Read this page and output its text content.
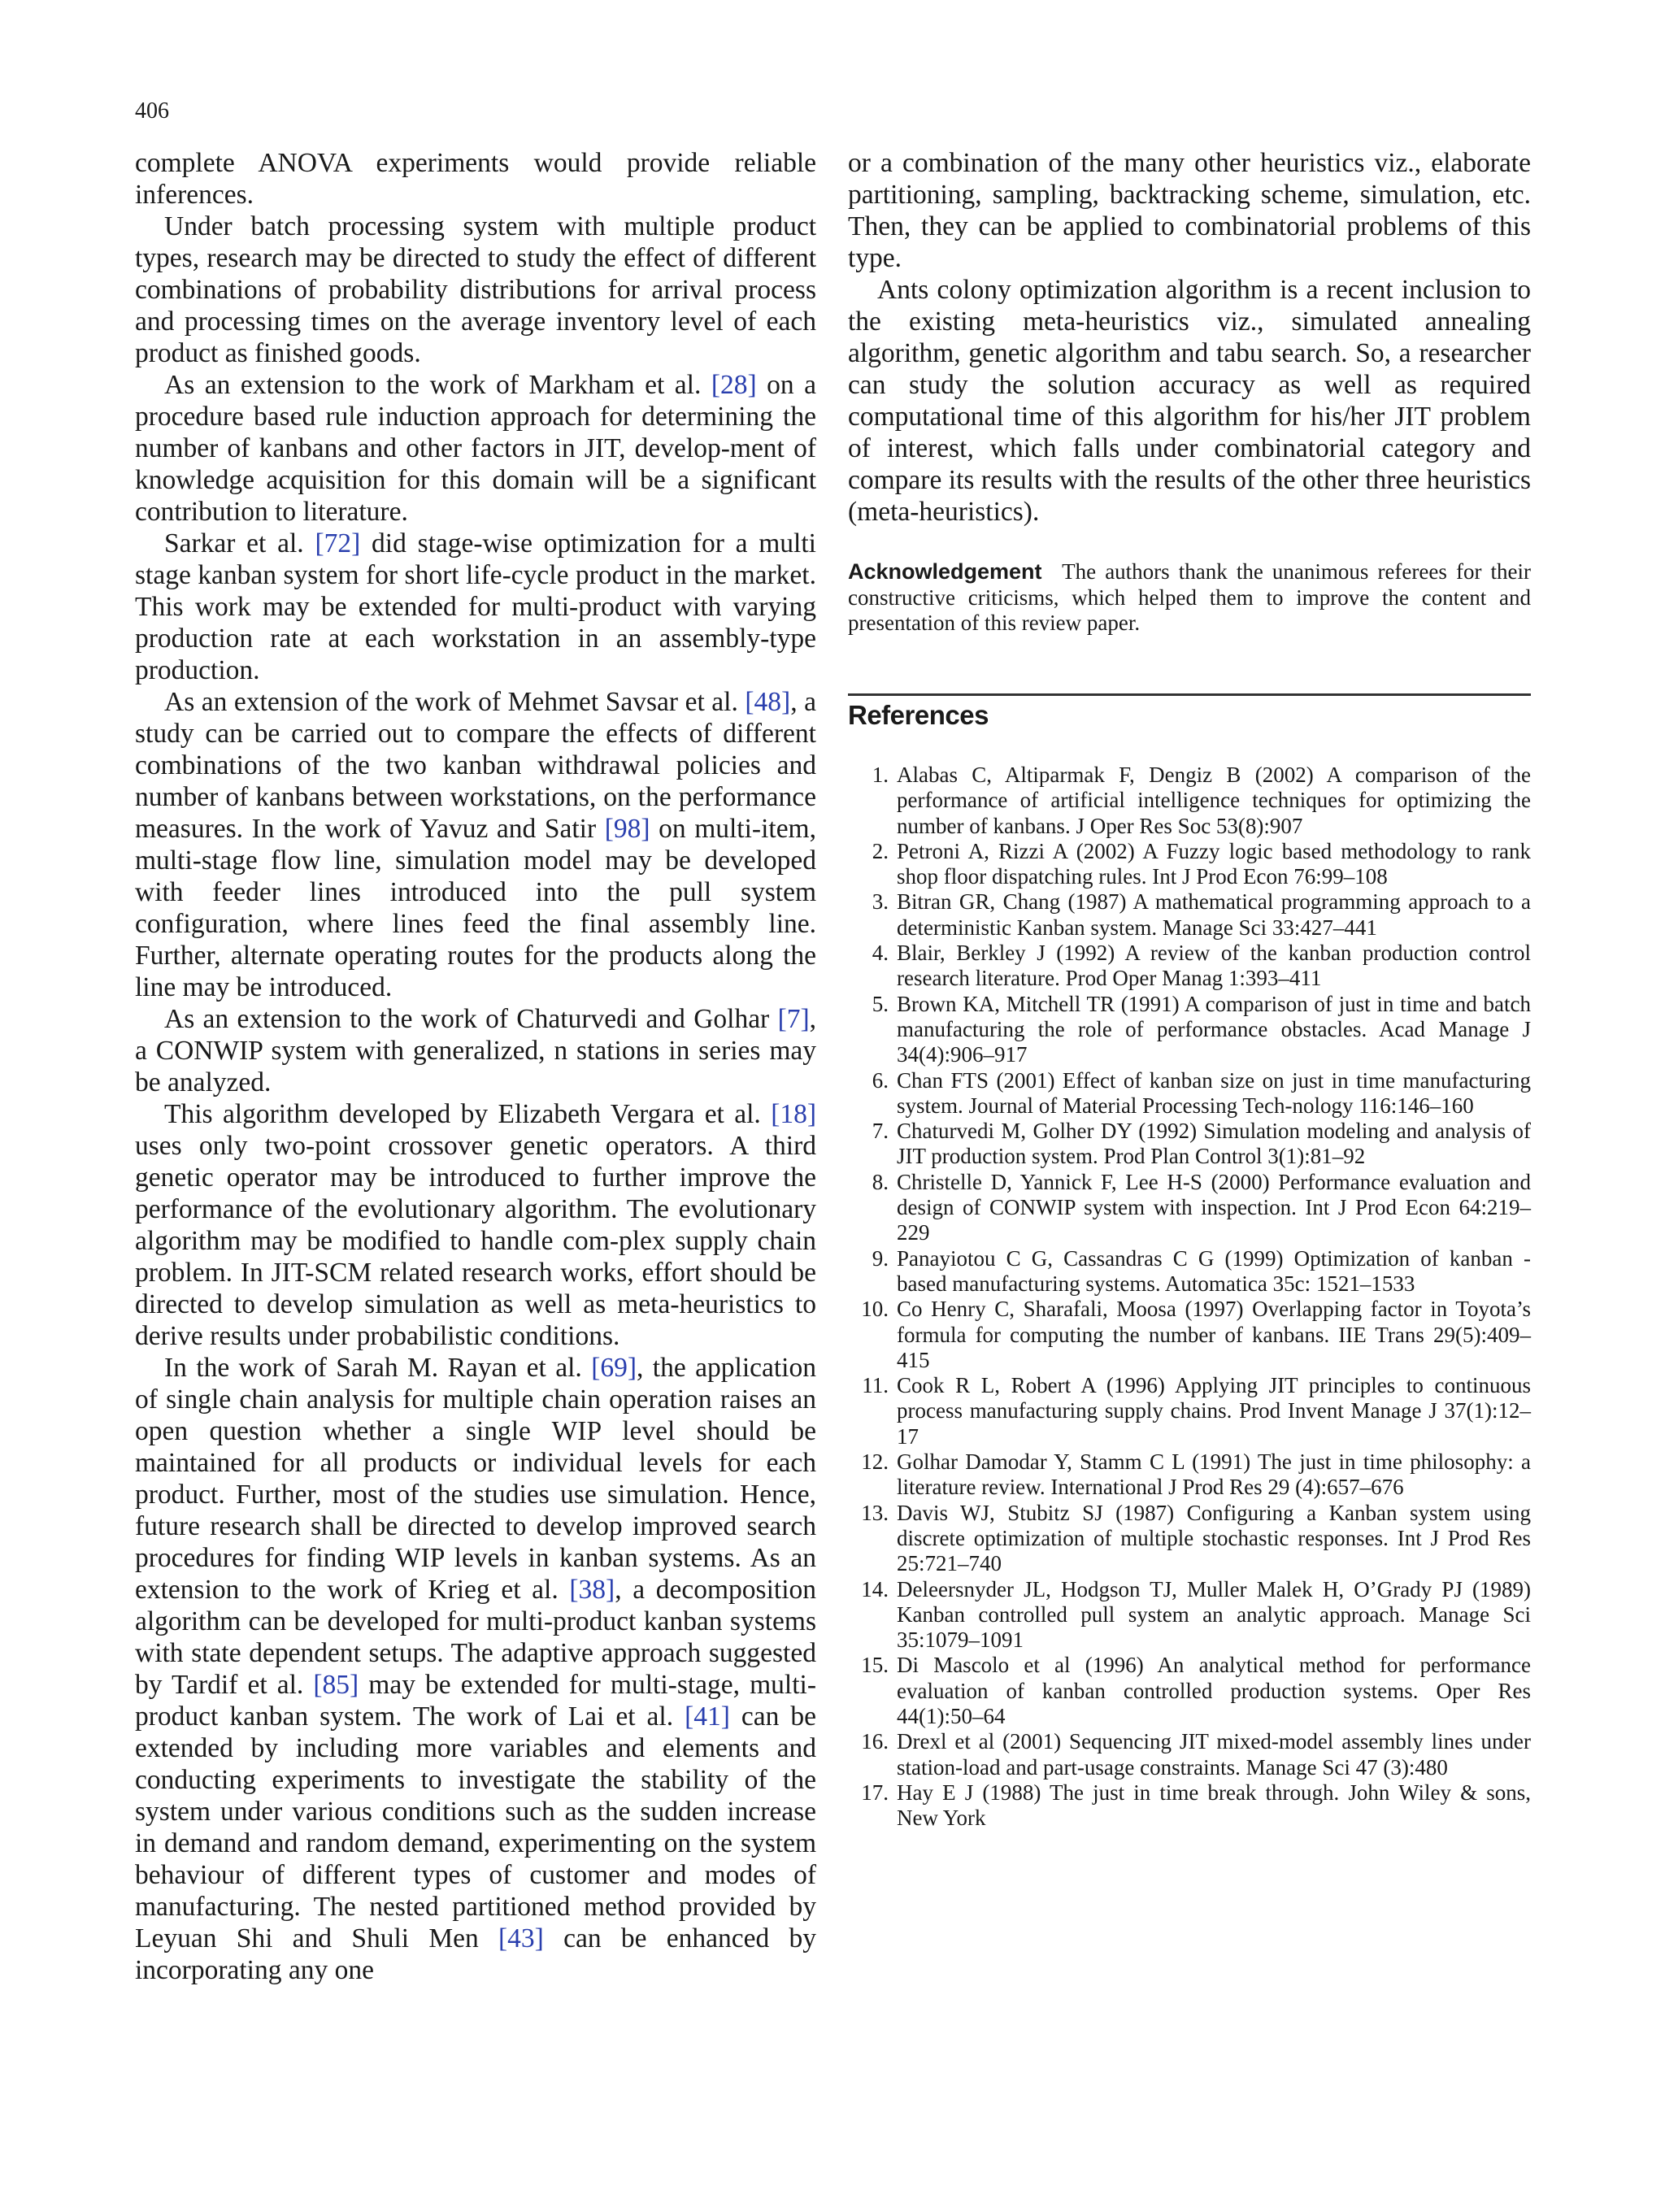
406

complete ANOVA experiments would provide reliable inferences.

Under batch processing system with multiple product types, research may be directed to study the effect of different combinations of probability distributions for arrival process and processing times on the average inventory level of each product as finished goods.

As an extension to the work of Markham et al. [28] on a procedure based rule induction approach for determining the number of kanbans and other factors in JIT, develop-ment of knowledge acquisition for this domain will be a significant contribution to literature.

Sarkar et al. [72] did stage-wise optimization for a multi stage kanban system for short life-cycle product in the market. This work may be extended for multi-product with varying production rate at each workstation in an assembly-type production.

As an extension of the work of Mehmet Savsar et al. [48], a study can be carried out to compare the effects of different combinations of the two kanban withdrawal policies and number of kanbans between workstations, on the performance measures. In the work of Yavuz and Satir [98] on multi-item, multi-stage flow line, simulation model may be developed with feeder lines introduced into the pull system configuration, where lines feed the final assembly line. Further, alternate operating routes for the products along the line may be introduced.

As an extension to the work of Chaturvedi and Golhar [7], a CONWIP system with generalized, n stations in series may be analyzed.

This algorithm developed by Elizabeth Vergara et al. [18] uses only two-point crossover genetic operators. A third genetic operator may be introduced to further improve the performance of the evolutionary algorithm. The evolutionary algorithm may be modified to handle com-plex supply chain problem. In JIT-SCM related research works, effort should be directed to develop simulation as well as meta-heuristics to derive results under probabilistic conditions.

In the work of Sarah M. Rayan et al. [69], the application of single chain analysis for multiple chain operation raises an open question whether a single WIP level should be maintained for all products or individual levels for each product. Further, most of the studies use simulation. Hence, future research shall be directed to develop improved search procedures for finding WIP levels in kanban systems. As an extension to the work of Krieg et al. [38], a decomposition algorithm can be developed for multi-product kanban systems with state dependent setups. The adaptive approach suggested by Tardif et al. [85] may be extended for multi-stage, multi-product kanban system. The work of Lai et al. [41] can be extended by including more variables and elements and conducting experiments to investigate the stability of the system under various conditions such as the sudden increase in demand and random demand, experimenting on the system behaviour of different types of customer and modes of manufacturing. The nested partitioned method provided by Leyuan Shi and Shuli Men [43] can be enhanced by incorporating any one

or a combination of the many other heuristics viz., elaborate partitioning, sampling, backtracking scheme, simulation, etc. Then, they can be applied to combinatorial problems of this type.

Ants colony optimization algorithm is a recent inclusion to the existing meta-heuristics viz., simulated annealing algorithm, genetic algorithm and tabu search. So, a researcher can study the solution accuracy as well as required computational time of this algorithm for his/her JIT problem of interest, which falls under combinatorial category and compare its results with the results of the other three heuristics (meta-heuristics).

Acknowledgement The authors thank the unanimous referees for their constructive criticisms, which helped them to improve the content and presentation of this review paper.
References
1. Alabas C, Altiparmak F, Dengiz B (2002) A comparison of the performance of artificial intelligence techniques for optimizing the number of kanbans. J Oper Res Soc 53(8):907
2. Petroni A, Rizzi A (2002) A Fuzzy logic based methodology to rank shop floor dispatching rules. Int J Prod Econ 76:99–108
3. Bitran GR, Chang (1987) A mathematical programming approach to a deterministic Kanban system. Manage Sci 33:427–441
4. Blair, Berkley J (1992) A review of the kanban production control research literature. Prod Oper Manag 1:393–411
5. Brown KA, Mitchell TR (1991) A comparison of just in time and batch manufacturing the role of performance obstacles. Acad Manage J 34(4):906–917
6. Chan FTS (2001) Effect of kanban size on just in time manufacturing system. Journal of Material Processing Tech-nology 116:146–160
7. Chaturvedi M, Golher DY (1992) Simulation modeling and analysis of JIT production system. Prod Plan Control 3(1):81–92
8. Christelle D, Yannick F, Lee H-S (2000) Performance evaluation and design of CONWIP system with inspection. Int J Prod Econ 64:219–229
9. Panayiotou C G, Cassandras C G (1999) Optimization of kanban - based manufacturing systems. Automatica 35c: 1521–1533
10. Co Henry C, Sharafali, Moosa (1997) Overlapping factor in Toyota’s formula for computing the number of kanbans. IIE Trans 29(5):409–415
11. Cook R L, Robert A (1996) Applying JIT principles to continuous process manufacturing supply chains. Prod Invent Manage J 37(1):12–17
12. Golhar Damodar Y, Stamm C L (1991) The just in time philosophy: a literature review. International J Prod Res 29 (4):657–676
13. Davis WJ, Stubitz SJ (1987) Configuring a Kanban system using discrete optimization of multiple stochastic responses. Int J Prod Res 25:721–740
14. Deleersnyder JL, Hodgson TJ, Muller Malek H, O’Grady PJ (1989) Kanban controlled pull system an analytic approach. Manage Sci 35:1079–1091
15. Di Mascolo et al (1996) An analytical method for performance evaluation of kanban controlled production systems. Oper Res 44(1):50–64
16. Drexl et al (2001) Sequencing JIT mixed-model assembly lines under station-load and part-usage constraints. Manage Sci 47 (3):480
17. Hay E J (1988) The just in time break through. John Wiley & sons, New York
